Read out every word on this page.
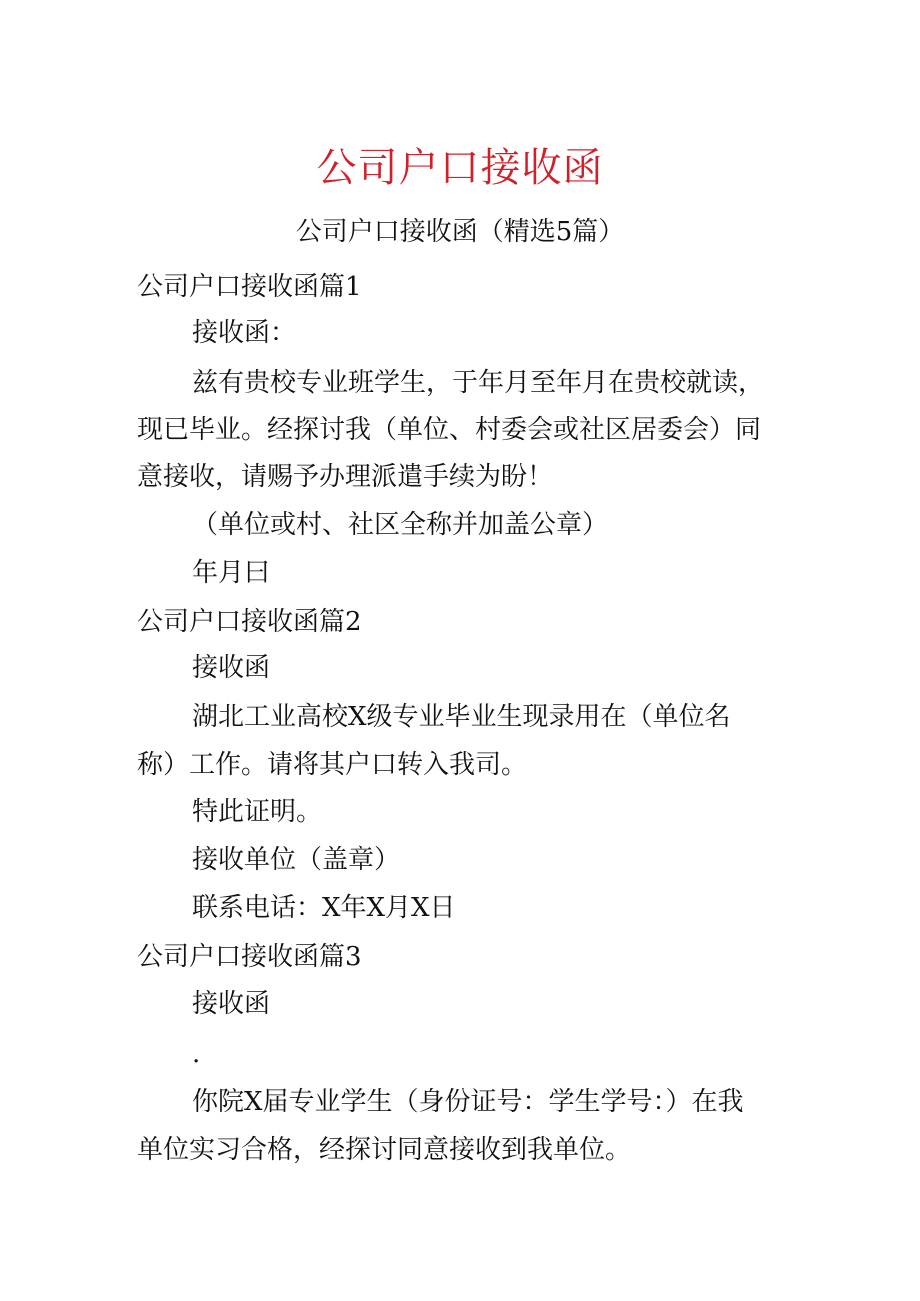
公司户口接收函
公司户口接收函（精选5篇）
公司户口接收函篇1
接收函：
兹有贵校专业班学生，于年月至年月在贵校就读，
现已毕业。经探讨我（单位、村委会或社区居委会）同
意接收，请赐予办理派遣手续为盼！
（单位或村、社区全称并加盖公章）
年月曰
公司户口接收函篇2
接收函
湖北工业高校X级专业毕业生现录用在（单位名
称）工作。请将其户口转入我司。
特此证明。
接收单位（盖章）
联系电话：X年X月X日
公司户口接收函篇3
接收函
.
你院X届专业学生（身份证号：学生学号：）在我
单位实习合格，经探讨同意接收到我单位。
